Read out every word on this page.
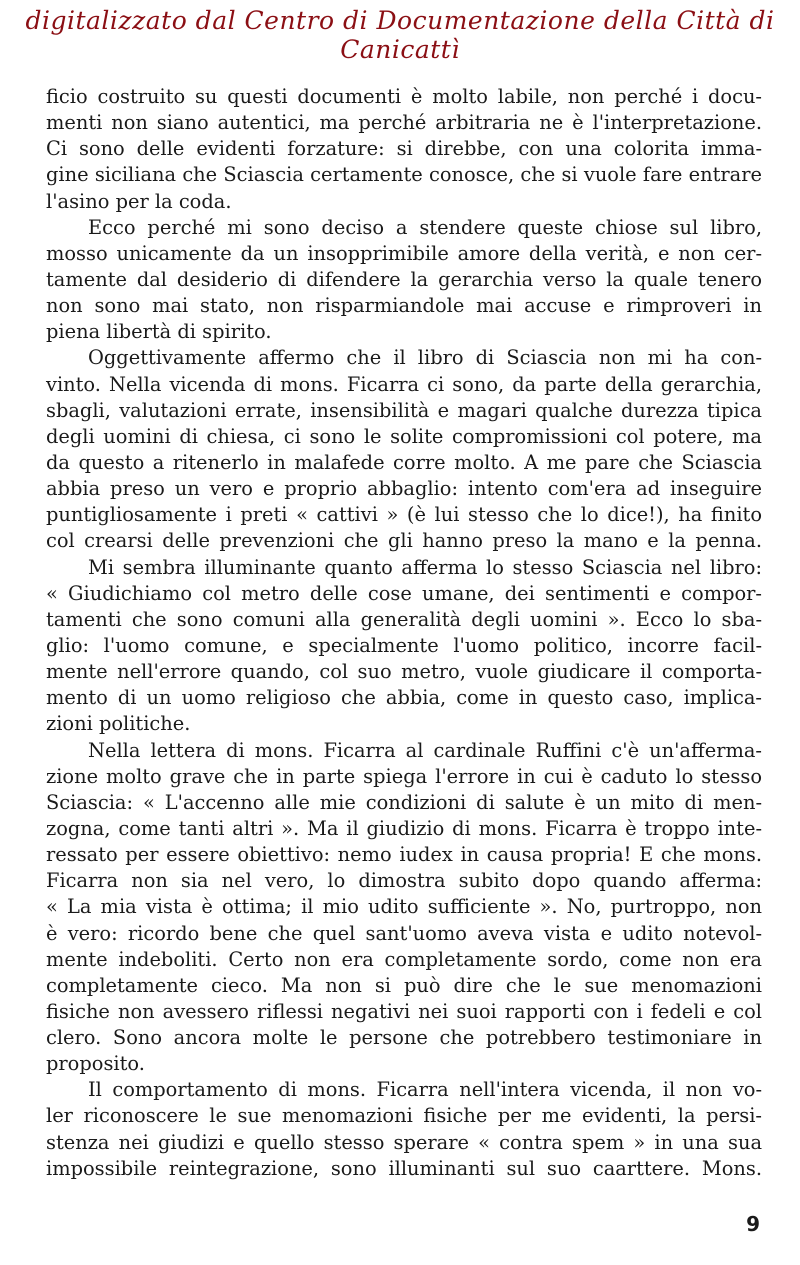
digitalizzato dal Centro di Documentazione della Città di Canicattì
ficio costruito su questi documenti è molto labile, non perché i docu-
menti non siano autentici, ma perché arbitraria ne è l'interpretazione.
Ci sono delle evidenti forzature: si direbbe, con una colorita imma-
gine siciliana che Sciascia certamente conosce, che si vuole fare entrare
l'asino per la coda.
Ecco perché mi sono deciso a stendere queste chiose sul libro,
mosso unicamente da un insopprimibile amore della verità, e non cer-
tamente dal desiderio di difendere la gerarchia verso la quale tenero
non sono mai stato, non risparmiandole mai accuse e rimproveri in
piena libertà di spirito.
Oggettivamente affermo che il libro di Sciascia non mi ha con-
vinto. Nella vicenda di mons. Ficarra ci sono, da parte della gerarchia,
sbagli, valutazioni errate, insensibilità e magari qualche durezza tipica
degli uomini di chiesa, ci sono le solite compromissioni col potere, ma
da questo a ritenerlo in malafede corre molto. A me pare che Sciascia
abbia preso un vero e proprio abbaglio: intento com'era ad inseguire
puntigliosamente i preti « cattivi » (è lui stesso che lo dice!), ha finito
col crearsi delle prevenzioni che gli hanno preso la mano e la penna.
Mi sembra illuminante quanto afferma lo stesso Sciascia nel libro:
« Giudichiamo col metro delle cose umane, dei sentimenti e compor-
tamenti che sono comuni alla generalità degli uomini ». Ecco lo sba-
glio: l'uomo comune, e specialmente l'uomo politico, incorre facil-
mente nell'errore quando, col suo metro, vuole giudicare il comporta-
mento di un uomo religioso che abbia, come in questo caso, implica-
zioni politiche.
Nella lettera di mons. Ficarra al cardinale Ruffini c'è un'afferma-
zione molto grave che in parte spiega l'errore in cui è caduto lo stesso
Sciascia: « L'accenno alle mie condizioni di salute è un mito di men-
zogna, come tanti altri ». Ma il giudizio di mons. Ficarra è troppo inte-
ressato per essere obiettivo: nemo iudex in causa propria! E che mons.
Ficarra non sia nel vero, lo dimostra subito dopo quando afferma:
« La mia vista è ottima; il mio udito sufficiente ». No, purtroppo, non
è vero: ricordo bene che quel sant'uomo aveva vista e udito notevol-
mente indeboliti. Certo non era completamente sordo, come non era
completamente cieco. Ma non si può dire che le sue menomazioni
fisiche non avessero riflessi negativi nei suoi rapporti con i fedeli e col
clero. Sono ancora molte le persone che potrebbero testimoniare in
proposito.
Il comportamento di mons. Ficarra nell'intera vicenda, il non vo-
ler riconoscere le sue menomazioni fisiche per me evidenti, la persi-
stenza nei giudizi e quello stesso sperare « contra spem » in una sua
impossibile reintegrazione, sono illuminanti sul suo caarttere. Mons.
9
